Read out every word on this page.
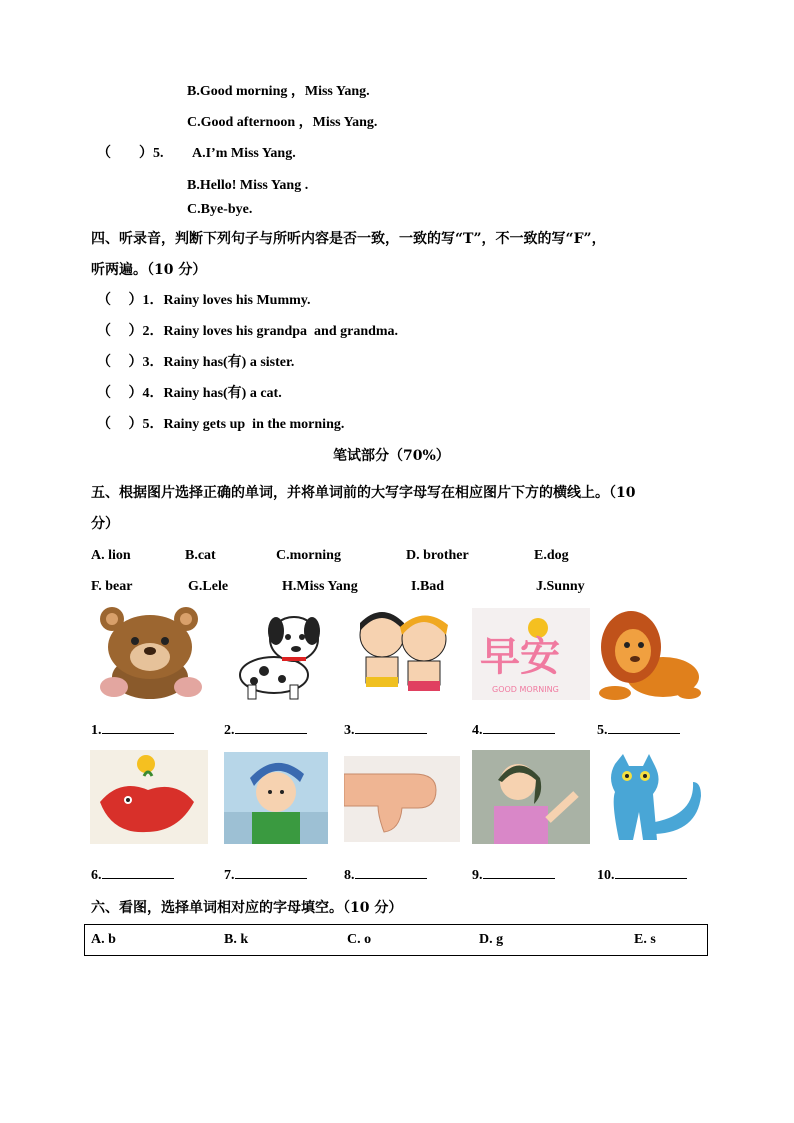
B.Good morning ，Miss Yang.
C.Good afternoon ，Miss Yang.
（　　）5. A.I’m Miss Yang.
B.Hello! Miss Yang .
C.Bye-bye.
四、听录音，判断下列句子与所听内容是否一致，一致的写“T”，不一致的写“F”，
听两遍。（10 分）
（　 ）1．Rainy loves his Mummy.
（　 ）2．Rainy loves his grandpa  and grandma.
（　 ）3．Rainy has(有) a sister.
（　 ）4．Rainy has(有) a cat.
（　 ）5．Rainy gets up  in the morning.
笔试部分（70%）
五、根据图片选择正确的单词，并将单词前的大写字母写在相应图片下方的横线上。（10
分）
A. lion	B.cat	C.morning	D. brother	E.dog
F. bear	G.Lele	H.Miss Yang	I.Bad	J.Sunny
早安
GOOD MORNING
1.	2.	3.	4.	5.
6.	7.	8.	9.	10.
六、看图，选择单词相对应的字母填空。（10 分）
A. b	B. k	C. o	D. g	E. s
